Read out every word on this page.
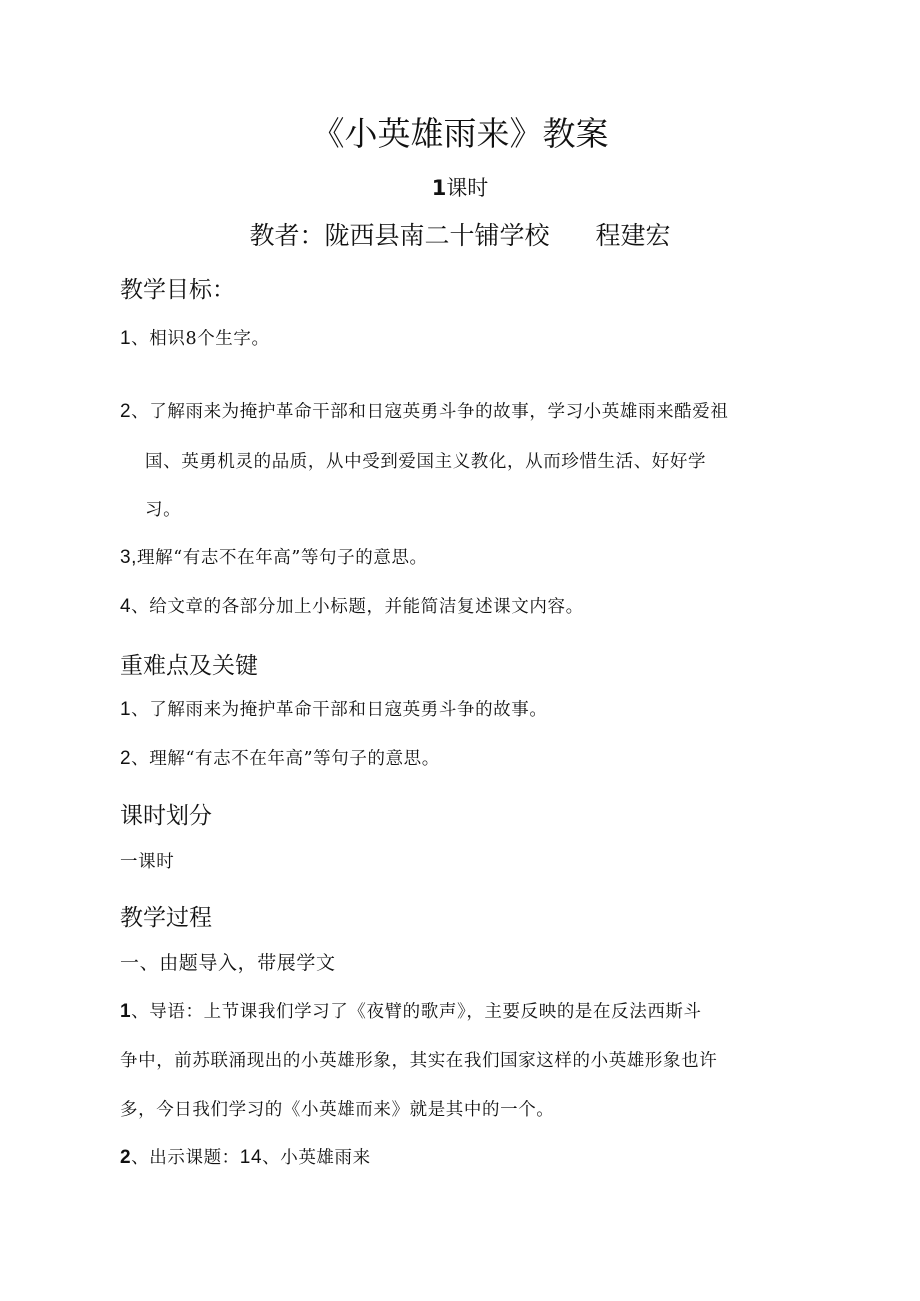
《小英雄雨来》教案
1课时
教者：陇西县南二十铺学校 程建宏
教学目标：
1、相识8个生字。
2、了解雨来为掩护革命干部和日寇英勇斗争的故事，学习小英雄雨来酷爱祖
国、英勇机灵的品质，从中受到爱国主义教化，从而珍惜生活、好好学
习。
3,理解“有志不在年高”等句子的意思。
4、给文章的各部分加上小标题，并能简洁复述课文内容。
重难点及关键
1、了解雨来为掩护革命干部和日寇英勇斗争的故事。
2、理解“有志不在年高”等句子的意思。
课时划分
一课时
教学过程
一、由题导入，带展学文
1、导语：上节课我们学习了《夜臂的歌声》，主要反映的是在反法西斯斗
争中，前苏联涌现出的小英雄形象，其实在我们国家这样的小英雄形象也许
多，今日我们学习的《小英雄而来》就是其中的一个。
2、出示课题：14、小英雄雨来
